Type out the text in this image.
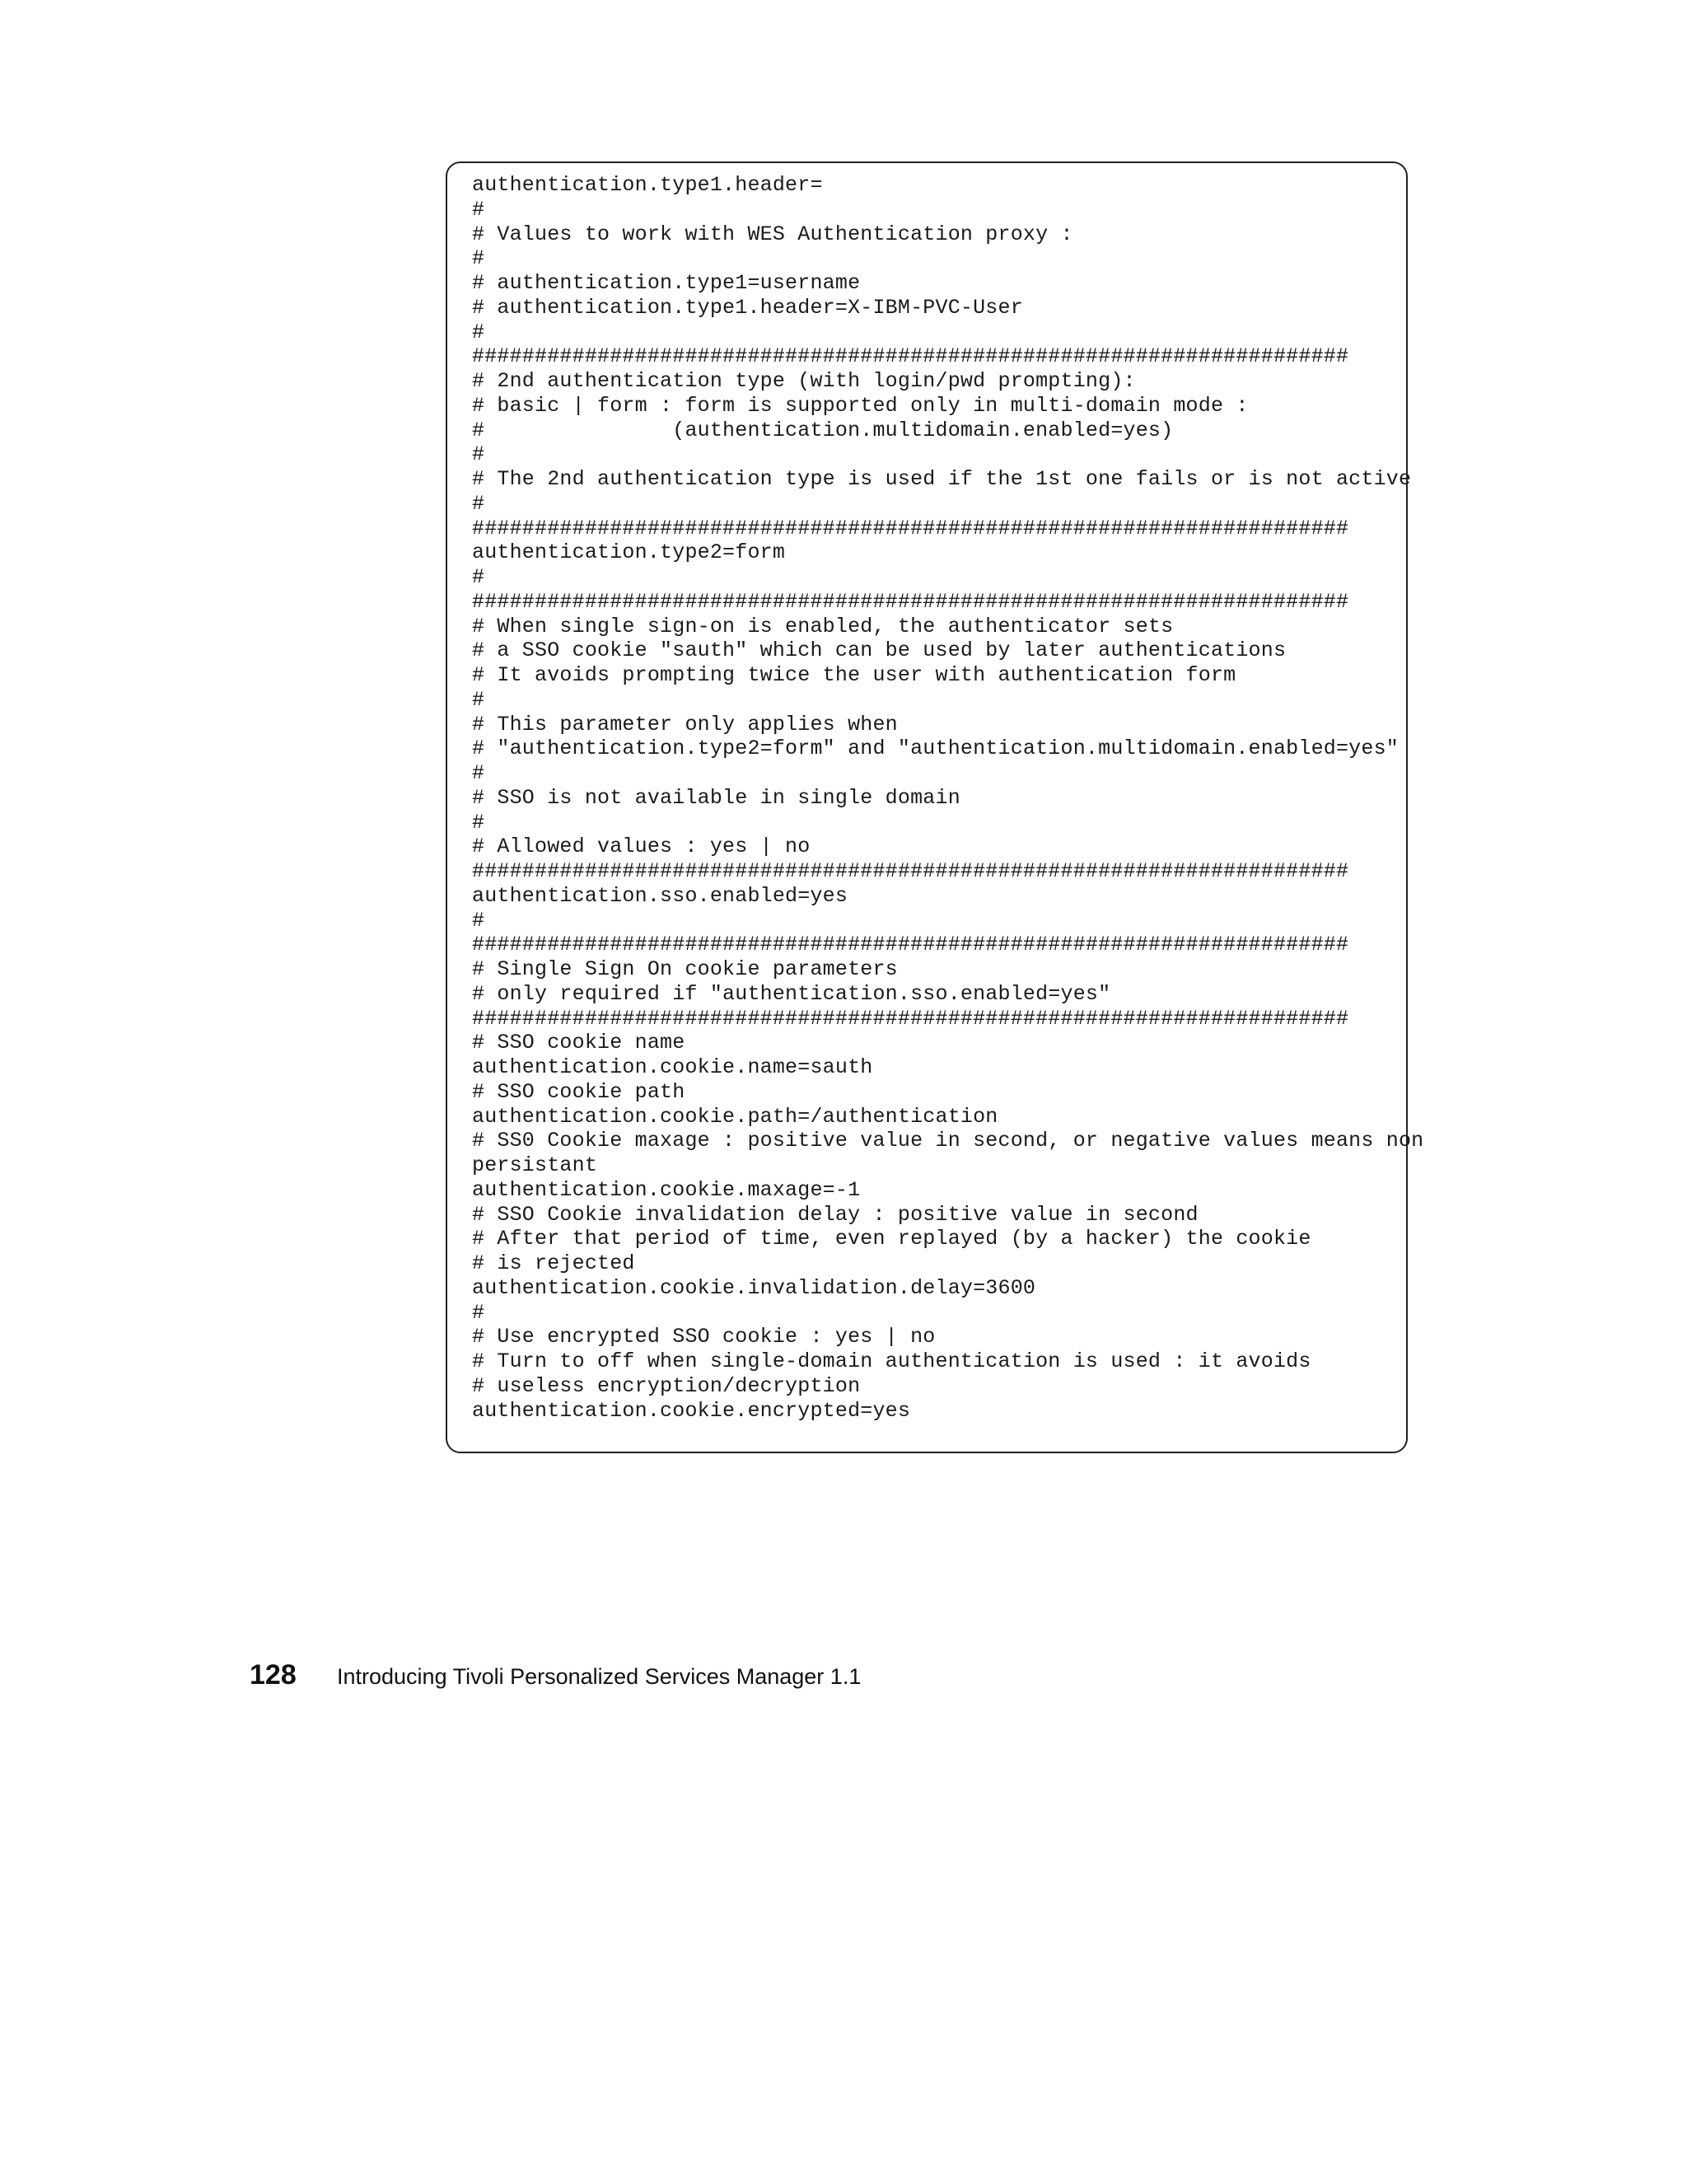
authentication.type1.header=
#
# Values to work with WES Authentication proxy :
#
# authentication.type1=username
# authentication.type1.header=X-IBM-PVC-User
#
######################################################################
# 2nd authentication type (with login/pwd prompting):
# basic | form : form is supported only in multi-domain mode :
#               (authentication.multidomain.enabled=yes)
#
# The 2nd authentication type is used if the 1st one fails or is not active
#
######################################################################
authentication.type2=form
#
######################################################################
# When single sign-on is enabled, the authenticator sets
# a SSO cookie "sauth" which can be used by later authentications
# It avoids prompting twice the user with authentication form
#
# This parameter only applies when
# "authentication.type2=form" and "authentication.multidomain.enabled=yes"
#
# SSO is not available in single domain
#
# Allowed values : yes | no
######################################################################
authentication.sso.enabled=yes
#
######################################################################
# Single Sign On cookie parameters
# only required if "authentication.sso.enabled=yes"
######################################################################
# SSO cookie name
authentication.cookie.name=sauth
# SSO cookie path
authentication.cookie.path=/authentication
# SS0 Cookie maxage : positive value in second, or negative values means non
persistant
authentication.cookie.maxage=-1
# SSO Cookie invalidation delay : positive value in second
# After that period of time, even replayed (by a hacker) the cookie
# is rejected
authentication.cookie.invalidation.delay=3600
#
# Use encrypted SSO cookie : yes | no
# Turn to off when single-domain authentication is used : it avoids
# useless encryption/decryption
authentication.cookie.encrypted=yes
128	Introducing Tivoli Personalized Services Manager 1.1
